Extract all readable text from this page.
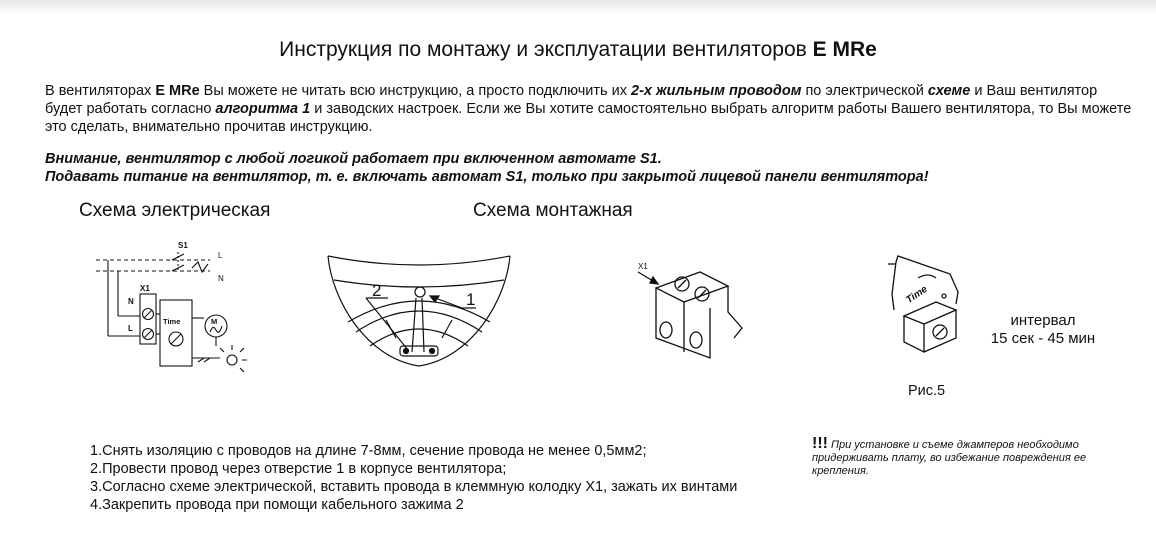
Инструкция по монтажу и эксплуатации вентиляторов E MRe
В вентиляторах E MRe Вы можете не читать всю инструкцию, а просто подключить их 2-х жильным проводом по электрической схеме и Ваш вентилятор будет работать согласно алгоритма 1 и заводских настроек. Если же Вы хотите самостоятельно выбрать алгоритм работы Вашего вентилятора, то Вы можете это сделать, внимательно прочитав инструкцию.
Внимание, вентилятор с любой логикой работает при включенном автомате S1.
Подавать питание на вентилятор, т. е. включать автомат S1, только при закрытой лицевой панели вентилятора!
Схема электрическая	Схема монтажная
S1
L
N
N
L
X1
Time	M
1
2
X1
Time
интервал
15 сек - 45 мин
Рис.5
1.Снять изоляцию с проводов на длине 7-8мм, сечение провода не менее 0,5мм2;
2.Провести провод через отверстие 1 в корпусе вентилятора;
3.Согласно схеме электрической, вставить провода в клеммную колодку X1, зажать их винтами
4.Закрепить провода при помощи кабельного зажима 2
!!! При установке и съеме джамперов необходимо придерживать плату, во избежание повреждения ее крепления.
